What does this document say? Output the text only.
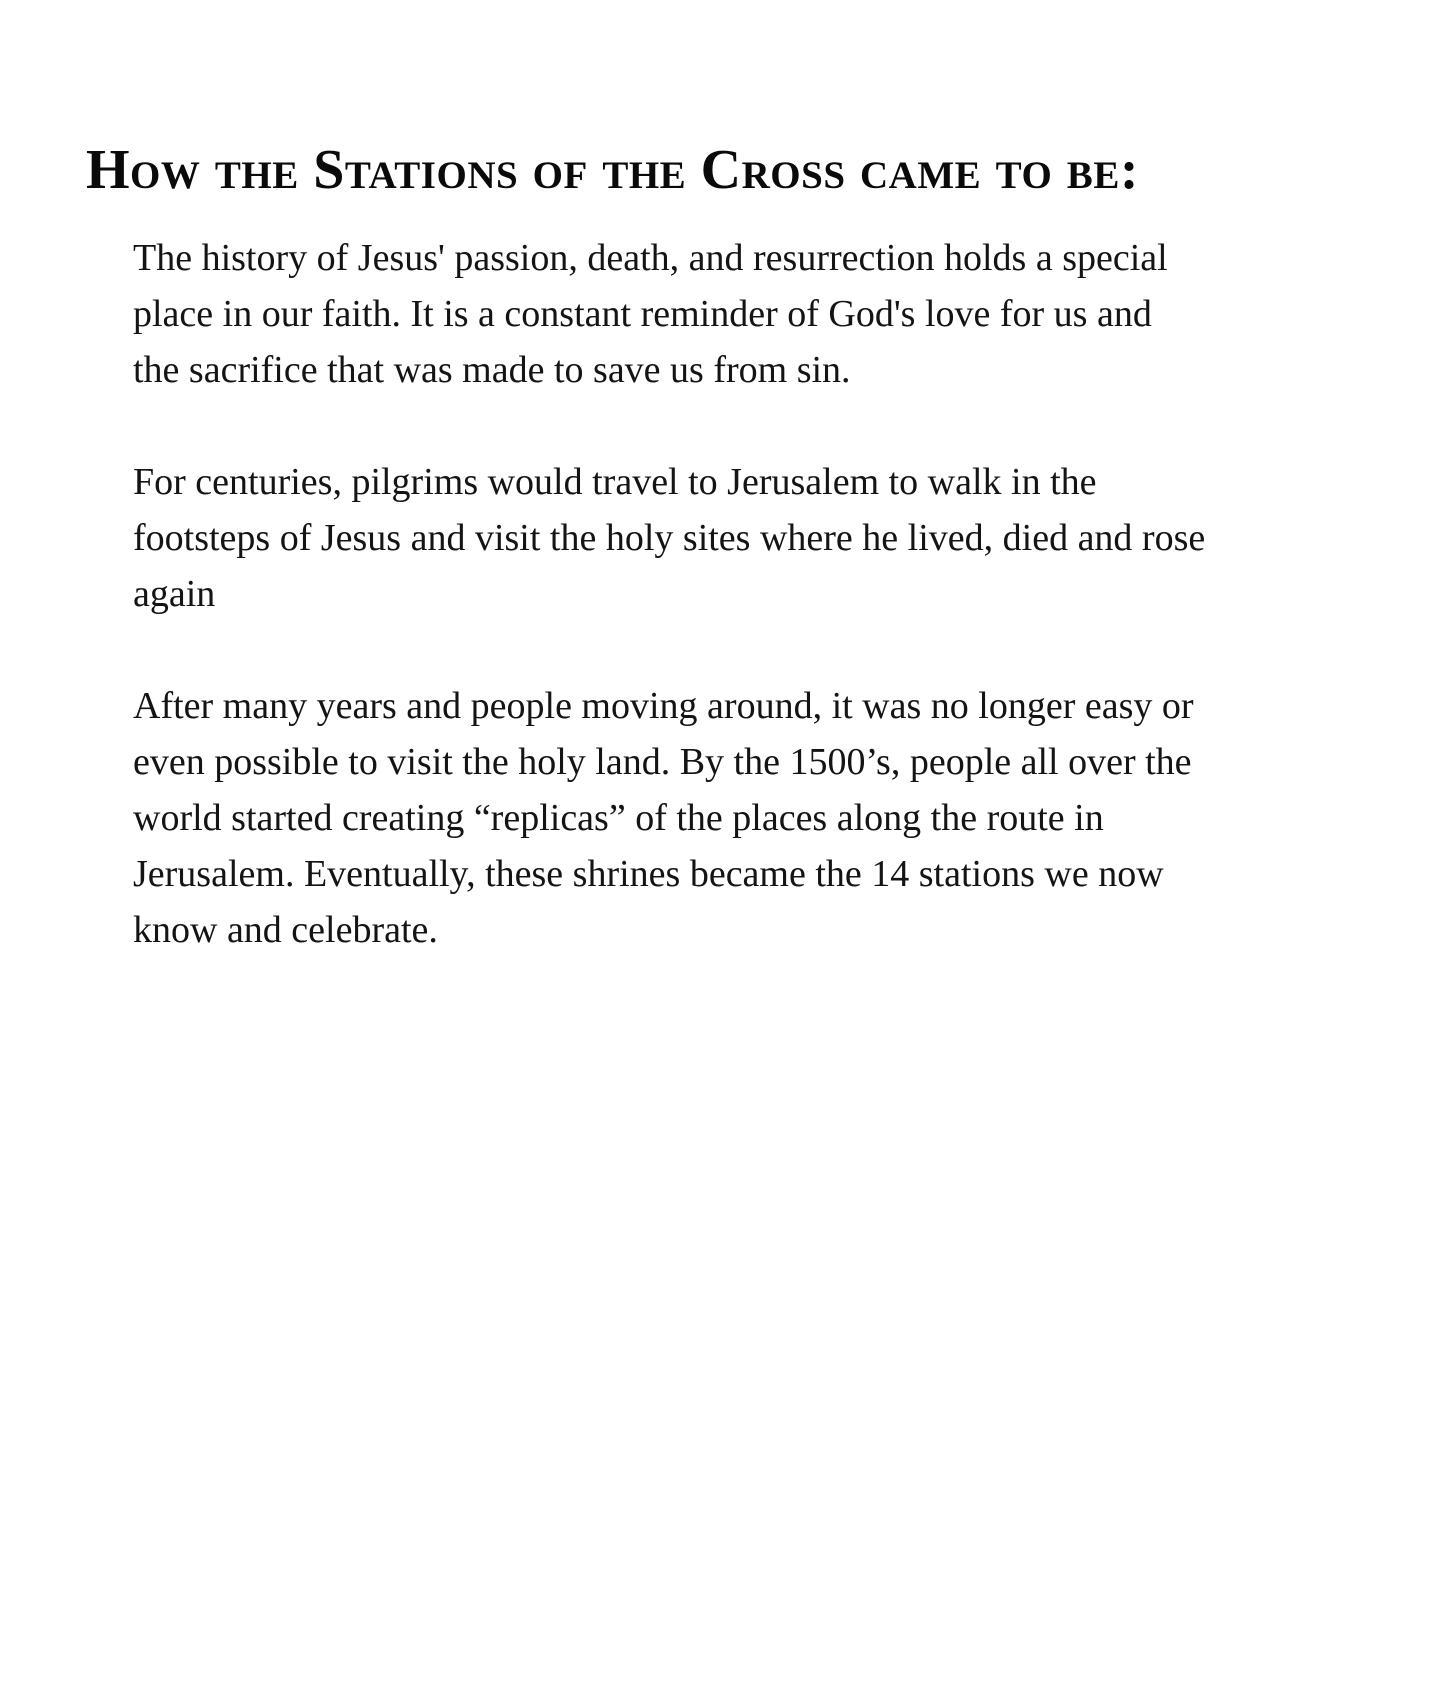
How the Stations of the Cross came to be:

The history of Jesus' passion, death, and resurrection holds a special
place in our faith. It is a constant reminder of God's love for us and
the sacrifice that was made to save us from sin.

For centuries, pilgrims would travel to Jerusalem to walk in the
footsteps of Jesus and visit the holy sites where he lived, died and rose
again

After many years and people moving around, it was no longer easy or
even possible to visit the holy land. By the 1500’s, people all over the
world started creating “replicas” of the places along the route in
Jerusalem. Eventually, these shrines became the 14 stations we now
know and celebrate.
